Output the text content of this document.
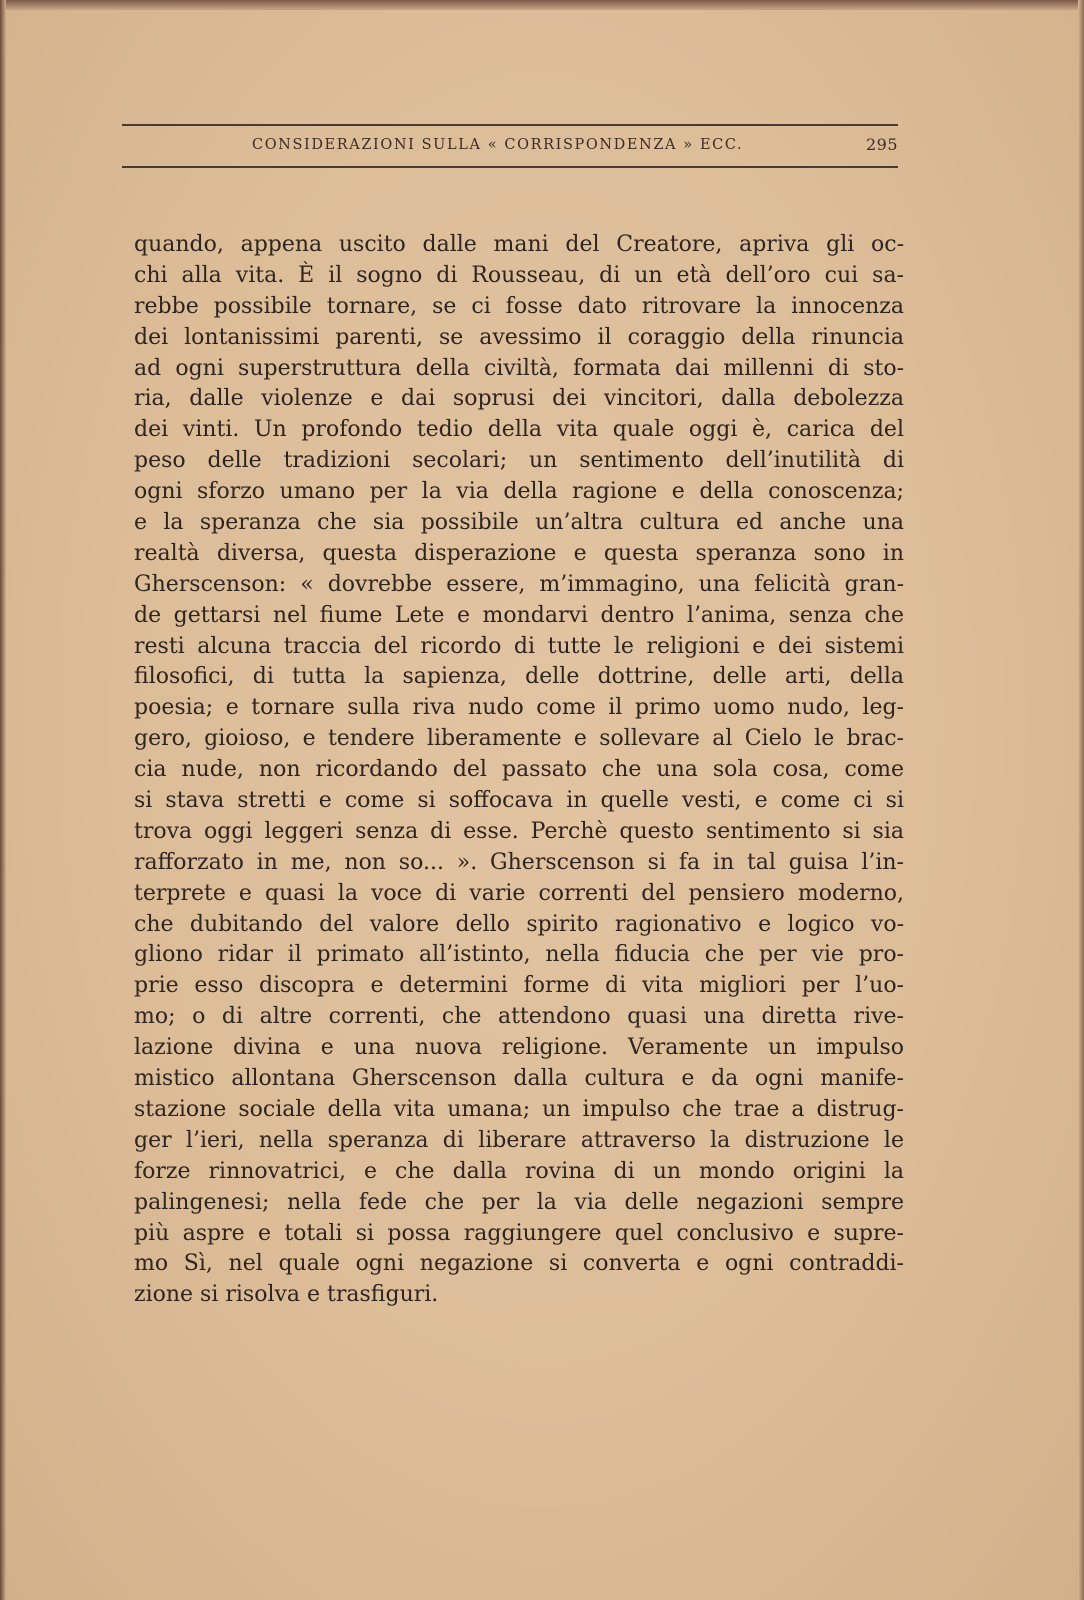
CONSIDERAZIONI SULLA « CORRISPONDENZA » ECC.	295
quando, appena uscito dalle mani del Creatore, apriva gli oc-
chi alla vita. È il sogno di Rousseau, di un età dell’oro cui sa-
rebbe possibile tornare, se ci fosse dato ritrovare la innocenza
dei lontanissimi parenti, se avessimo il coraggio della rinuncia
ad ogni superstruttura della civiltà, formata dai millenni di sto-
ria, dalle violenze e dai soprusi dei vincitori, dalla debolezza
dei vinti. Un profondo tedio della vita quale oggi è, carica del
peso delle tradizioni secolari; un sentimento dell’inutilità di
ogni sforzo umano per la via della ragione e della conoscenza;
e la speranza che sia possibile un’altra cultura ed anche una
realtà diversa, questa disperazione e questa speranza sono in
Gherscenson: « dovrebbe essere, m’immagino, una felicità gran-
de gettarsi nel fiume Lete e mondarvi dentro l’anima, senza che
resti alcuna traccia del ricordo di tutte le religioni e dei sistemi
filosofici, di tutta la sapienza, delle dottrine, delle arti, della
poesia; e tornare sulla riva nudo come il primo uomo nudo, leg-
gero, gioioso, e tendere liberamente e sollevare al Cielo le brac-
cia nude, non ricordando del passato che una sola cosa, come
si stava stretti e come si soffocava in quelle vesti, e come ci si
trova oggi leggeri senza di esse. Perchè questo sentimento si sia
rafforzato in me, non so... ». Gherscenson si fa in tal guisa l’in-
terprete e quasi la voce di varie correnti del pensiero moderno,
che dubitando del valore dello spirito ragionativo e logico vo-
gliono ridar il primato all’istinto, nella fiducia che per vie pro-
prie esso discopra e determini forme di vita migliori per l’uo-
mo; o di altre correnti, che attendono quasi una diretta rive-
lazione divina e una nuova religione. Veramente un impulso
mistico allontana Gherscenson dalla cultura e da ogni manife-
stazione sociale della vita umana; un impulso che trae a distrug-
ger l’ieri, nella speranza di liberare attraverso la distruzione le
forze rinnovatrici, e che dalla rovina di un mondo origini la
palingenesi; nella fede che per la via delle negazioni sempre
più aspre e totali si possa raggiungere quel conclusivo e supre-
mo Sì, nel quale ogni negazione si converta e ogni contraddi-
zione si risolva e trasfiguri.
